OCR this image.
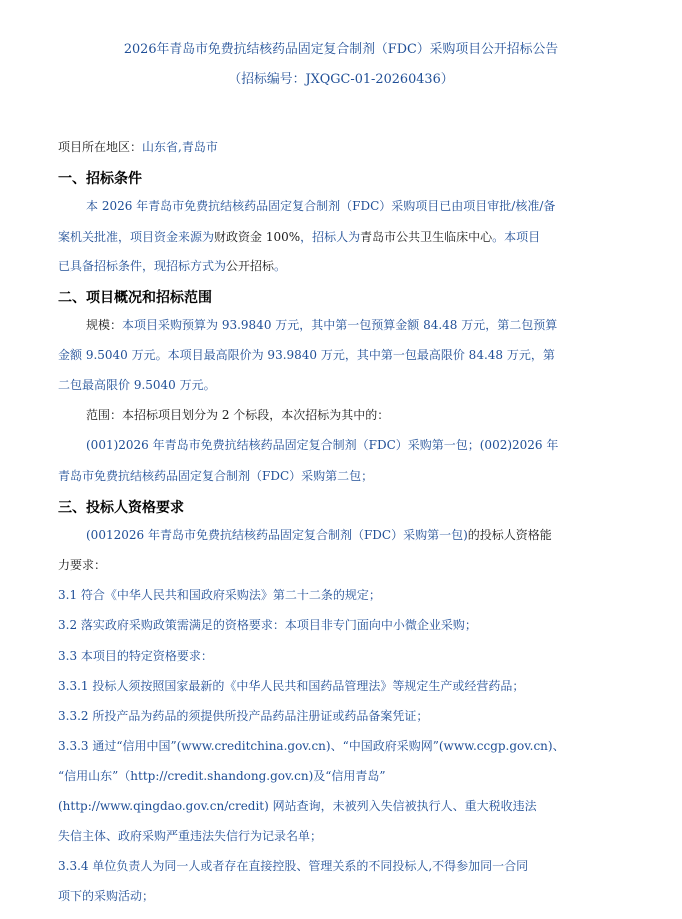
2026年青岛市免费抗结核药品固定复合制剂（FDC）采购项目公开招标公告
（招标编号：JXQGC-01-20260436）
项目所在地区：山东省,青岛市
一、招标条件
本 2026 年青岛市免费抗结核药品固定复合制剂（FDC）采购项目已由项目审批/核准/备
案机关批准，项目资金来源为财政资金 100%，招标人为青岛市公共卫生临床中心。本项目
已具备招标条件，现招标方式为公开招标。
二、项目概况和招标范围
规模：本项目采购预算为 93.9840 万元，其中第一包预算金额 84.48 万元，第二包预算
金额 9.5040 万元。本项目最高限价为 93.9840 万元，其中第一包最高限价 84.48 万元，第
二包最高限价 9.5040 万元。
范围：本招标项目划分为 2 个标段，本次招标为其中的：
(001)2026 年青岛市免费抗结核药品固定复合制剂（FDC）采购第一包；(002)2026 年
青岛市免费抗结核药品固定复合制剂（FDC）采购第二包；
三、投标人资格要求
(0012026 年青岛市免费抗结核药品固定复合制剂（FDC）采购第一包)的投标人资格能
力要求：
3.1 符合《中华人民共和国政府采购法》第二十二条的规定；
3.2 落实政府采购政策需满足的资格要求：本项目非专门面向中小微企业采购；
3.3 本项目的特定资格要求：
3.3.1 投标人须按照国家最新的《中华人民共和国药品管理法》等规定生产或经营药品；
3.3.2 所投产品为药品的须提供所投产品药品注册证或药品备案凭证；
3.3.3 通过“信用中国”(www.creditchina.gov.cn)、“中国政府采购网”(www.ccgp.gov.cn)、
“信用山东”（http://credit.shandong.gov.cn)及“信用青岛”
(http://www.qingdao.gov.cn/credit) 网站查询，未被列入失信被执行人、重大税收违法
失信主体、政府采购严重违法失信行为记录名单；
3.3.4 单位负责人为同一人或者存在直接控股、管理关系的不同投标人,不得参加同一合同
项下的采购活动；
